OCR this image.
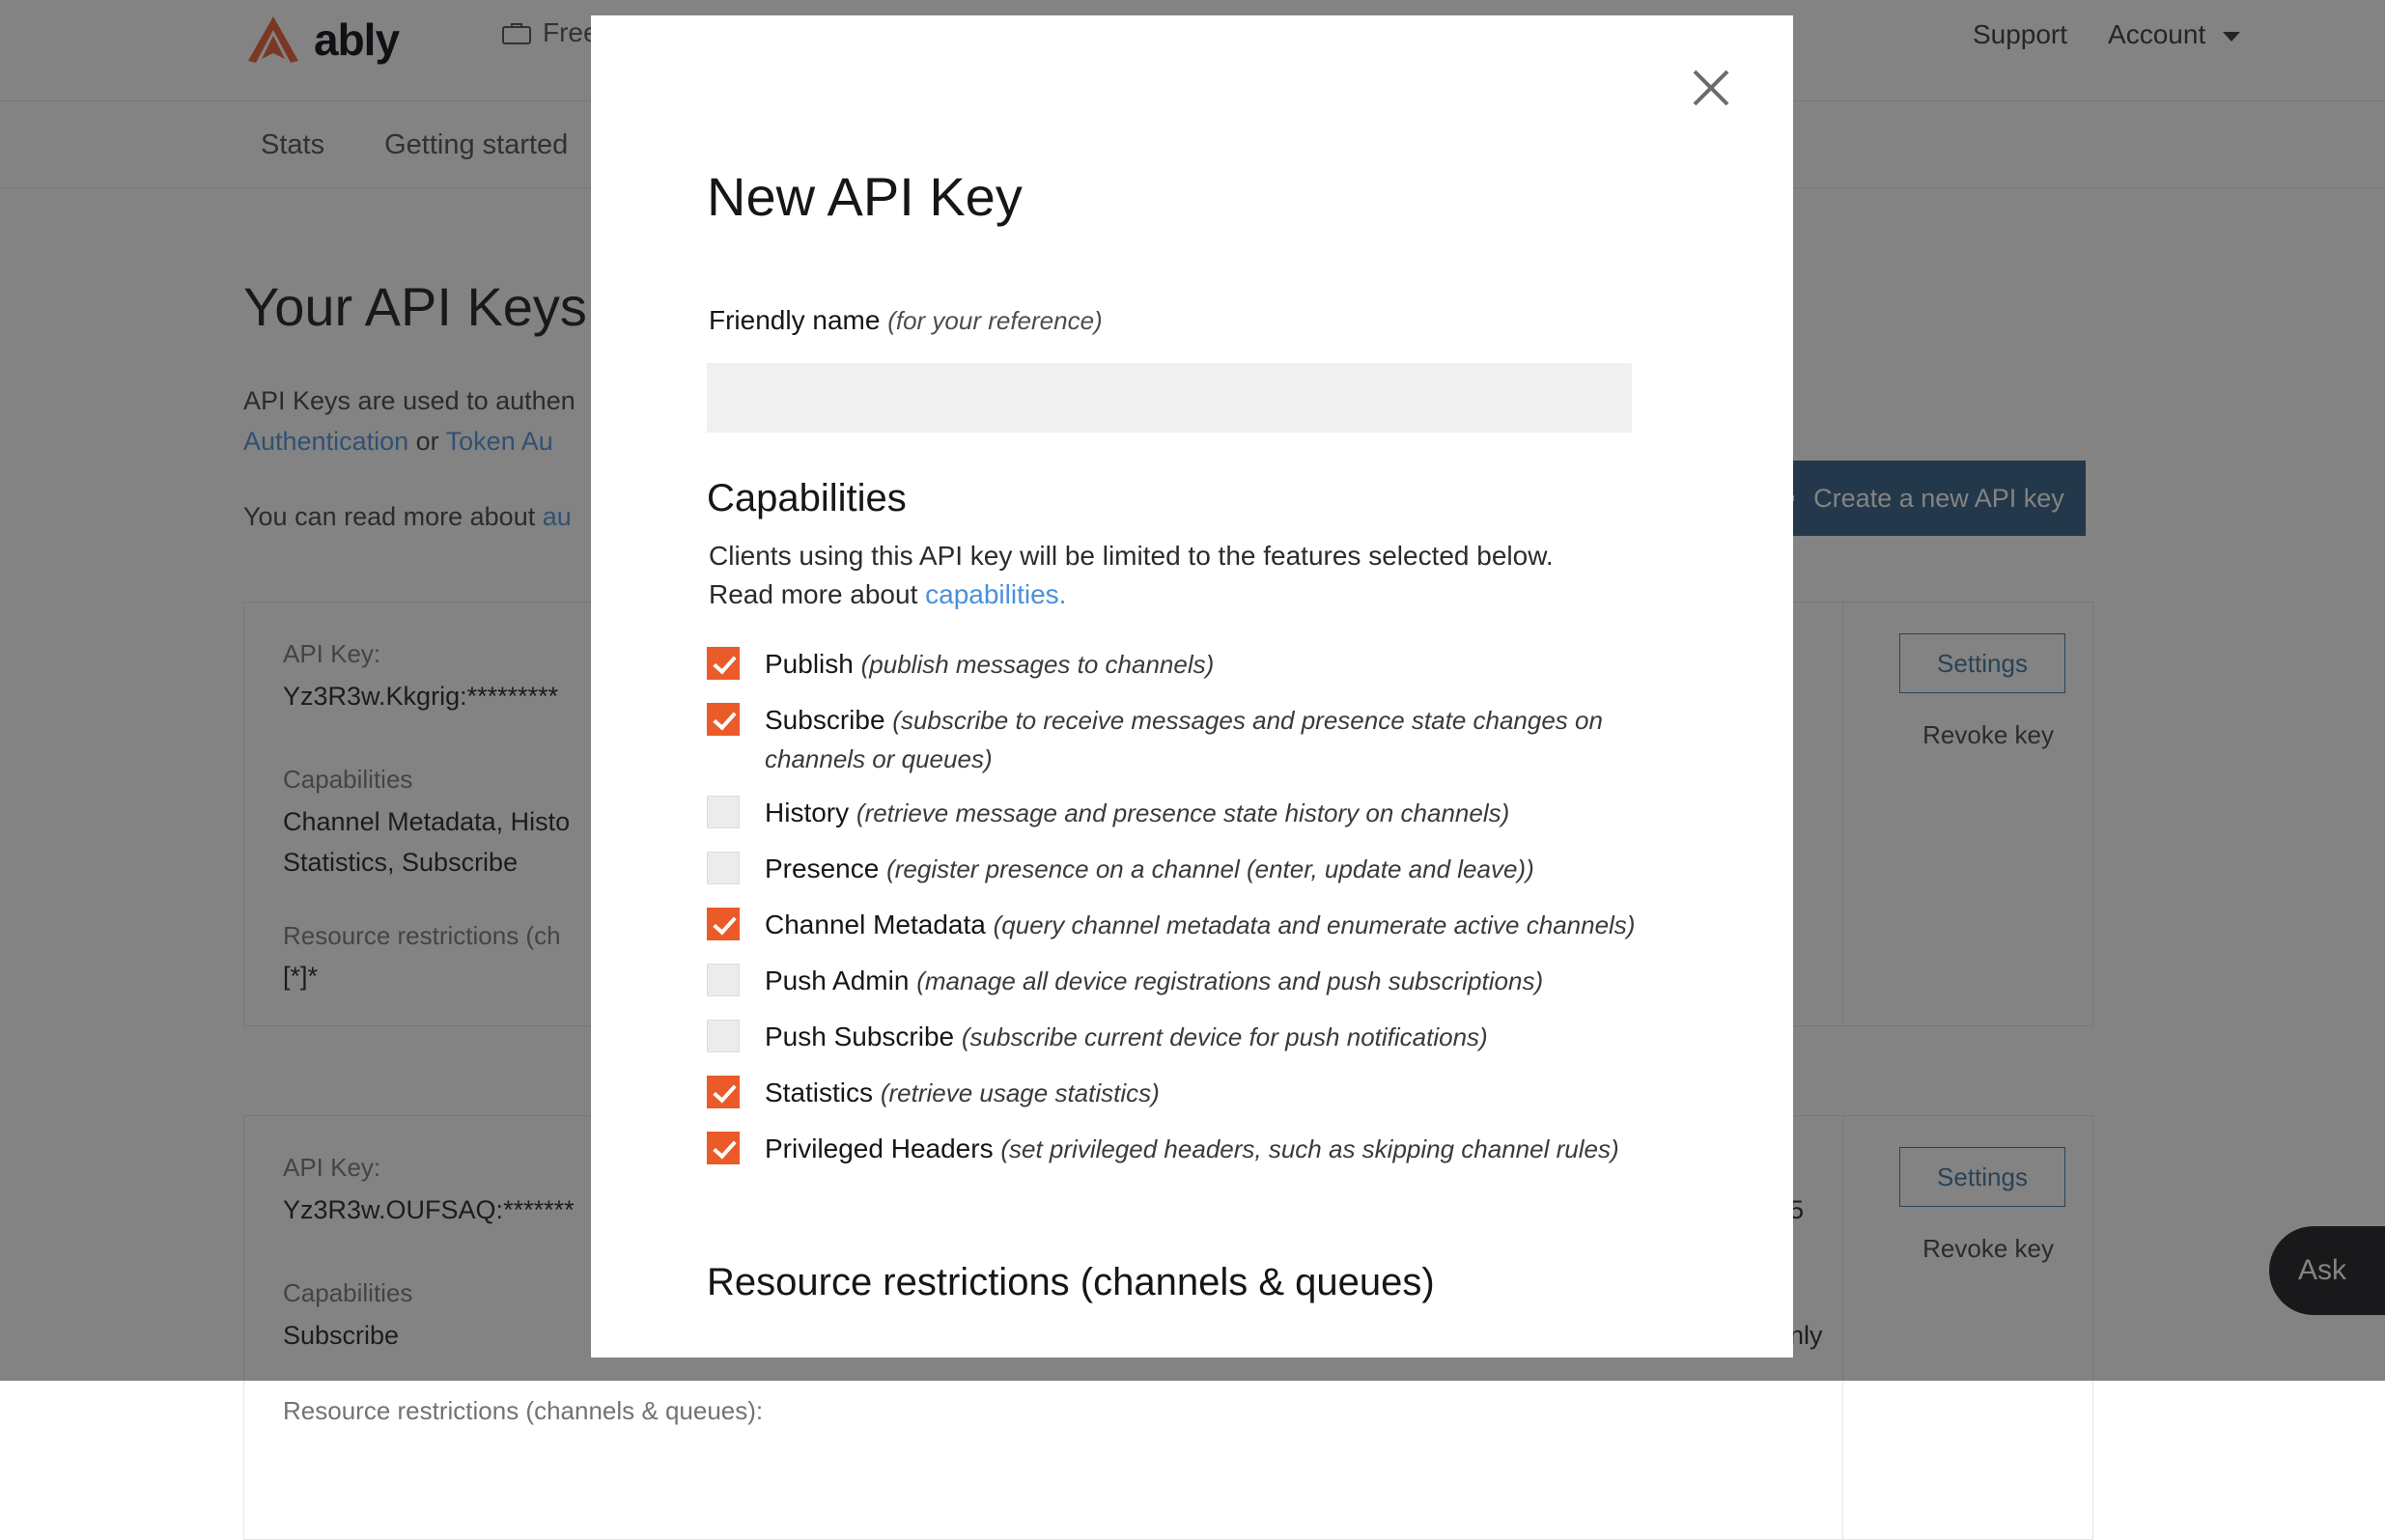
Resource restrictions (channels & queues):
New API Key
Friendly name (for your reference)
Capabilities
Clients using this API key will be limited to the features selected below.
Read more about capabilities.
Publish (publish messages to channels)
Subscribe (subscribe to receive messages and presence state changes on channels or queues)
History (retrieve message and presence state history on channels)
Presence (register presence on a channel (enter, update and leave))
Channel Metadata (query channel metadata and enumerate active channels)
Push Admin (manage all device registrations and push subscriptions)
Push Subscribe (subscribe current device for push notifications)
Statistics (retrieve usage statistics)
Privileged Headers (set privileged headers, such as skipping channel rules)
Resource restrictions (channels & queues)
